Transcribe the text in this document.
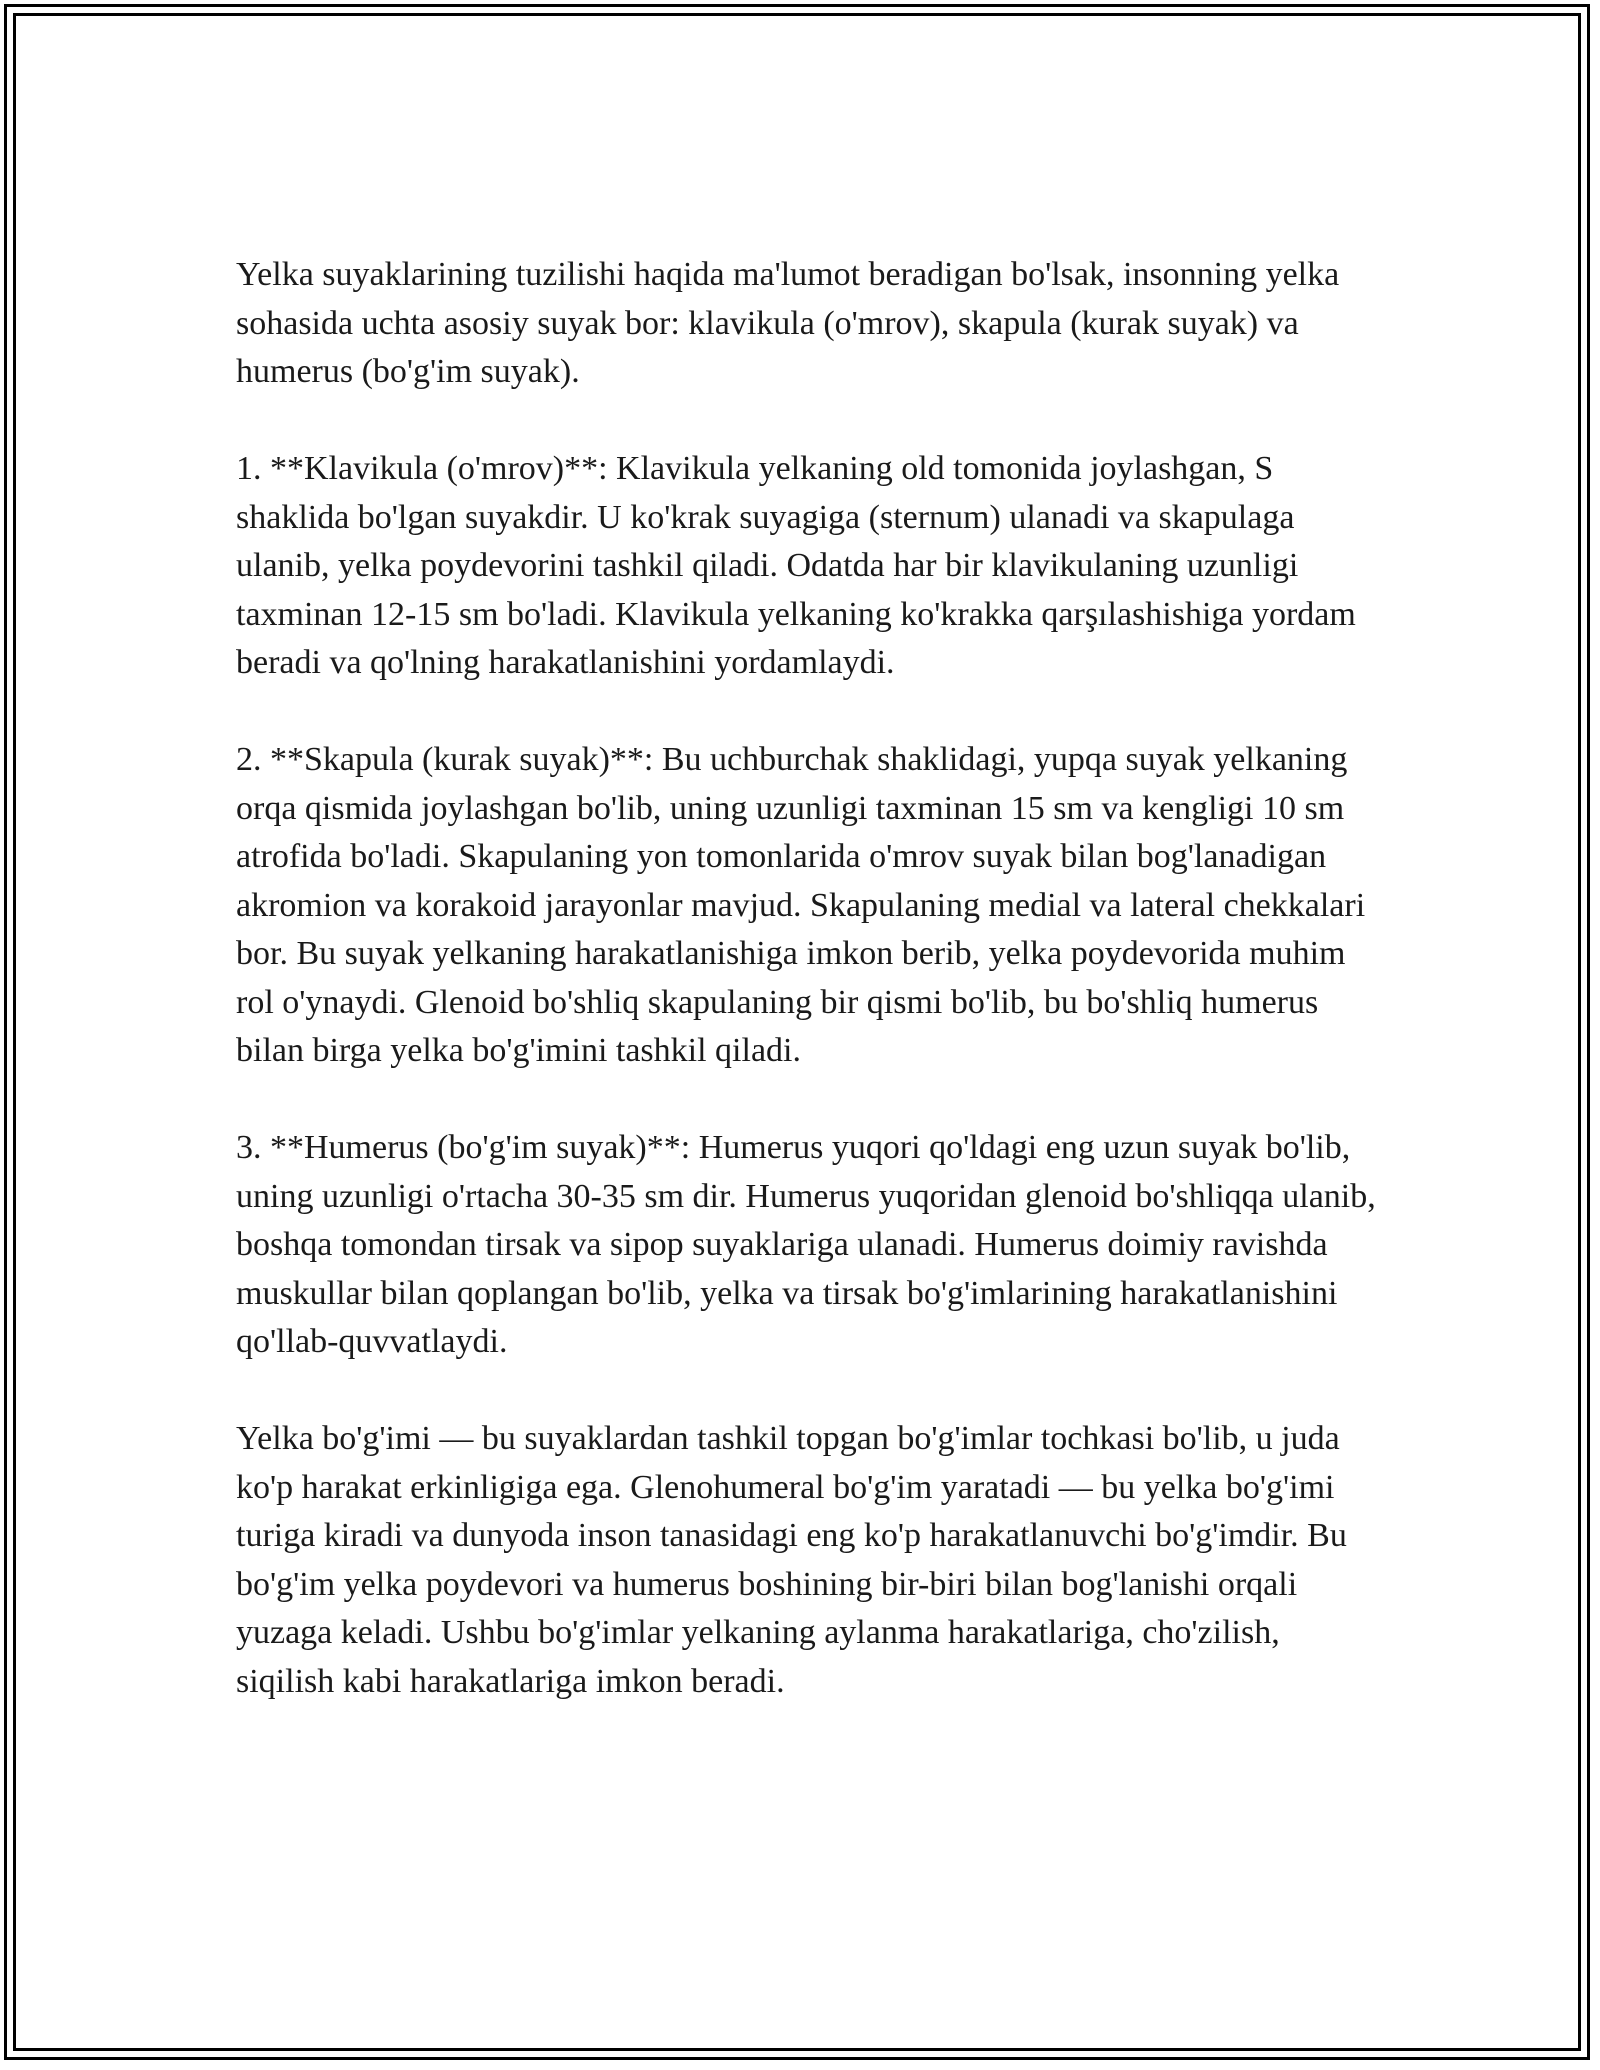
Yelka suyaklarining tuzilishi haqida ma'lumot beradigan bo'lsak, insonning yelka sohasida uchta asosiy suyak bor: klavikula (o'mrov), skapula (kurak suyak) va humerus (bo'g'im suyak).

1. **Klavikula (o'mrov)**: Klavikula yelkaning old tomonida joylashgan, S shaklida bo'lgan suyakdir. U ko'krak suyagiga (sternum) ulanadi va skapulaga ulanib, yelka poydevorini tashkil qiladi. Odatda har bir klavikulaning uzunligi taxminan 12-15 sm bo'ladi. Klavikula yelkaning ko'krakka qarşılashishiga yordam beradi va qo'lning harakatlanishini yordamlaydi.

2. **Skapula (kurak suyak)**: Bu uchburchak shaklidagi, yupqa suyak yelkaning orqa qismida joylashgan bo'lib, uning uzunligi taxminan 15 sm va kengligi 10 sm atrofida bo'ladi. Skapulaning yon tomonlarida o'mrov suyak bilan bog'lanadigan akromion va korakoid jarayonlar mavjud. Skapulaning medial va lateral chekkalari bor. Bu suyak yelkaning harakatlanishiga imkon berib, yelka poydevorida muhim rol o'ynaydi. Glenoid bo'shliq skapulaning bir qismi bo'lib, bu bo'shliq humerus bilan birga yelka bo'g'imini tashkil qiladi.

3. **Humerus (bo'g'im suyak)**: Humerus yuqori qo'ldagi eng uzun suyak bo'lib, uning uzunligi o'rtacha 30-35 sm dir. Humerus yuqoridan glenoid bo'shliqqa ulanib, boshqa tomondan tirsak va sipop suyaklariga ulanadi. Humerus doimiy ravishda muskullar bilan qoplangan bo'lib, yelka va tirsak bo'g'imlarining harakatlanishini qo'llab-quvvatlaydi.

Yelka bo'g'imi — bu suyaklardan tashkil topgan bo'g'imlar tochkasi bo'lib, u juda ko'p harakat erkinligiga ega. Glenohumeral bo'g'im yaratadi — bu yelka bo'g'imi turiga kiradi va dunyoda inson tanasidagi eng ko'p harakatlanuvchi bo'g'imdir. Bu bo'g'im yelka poydevori va humerus boshining bir-biri bilan bog'lanishi orqali yuzaga keladi. Ushbu bo'g'imlar yelkaning aylanma harakatlariga, cho'zilish, siqilish kabi harakatlariga imkon beradi.
